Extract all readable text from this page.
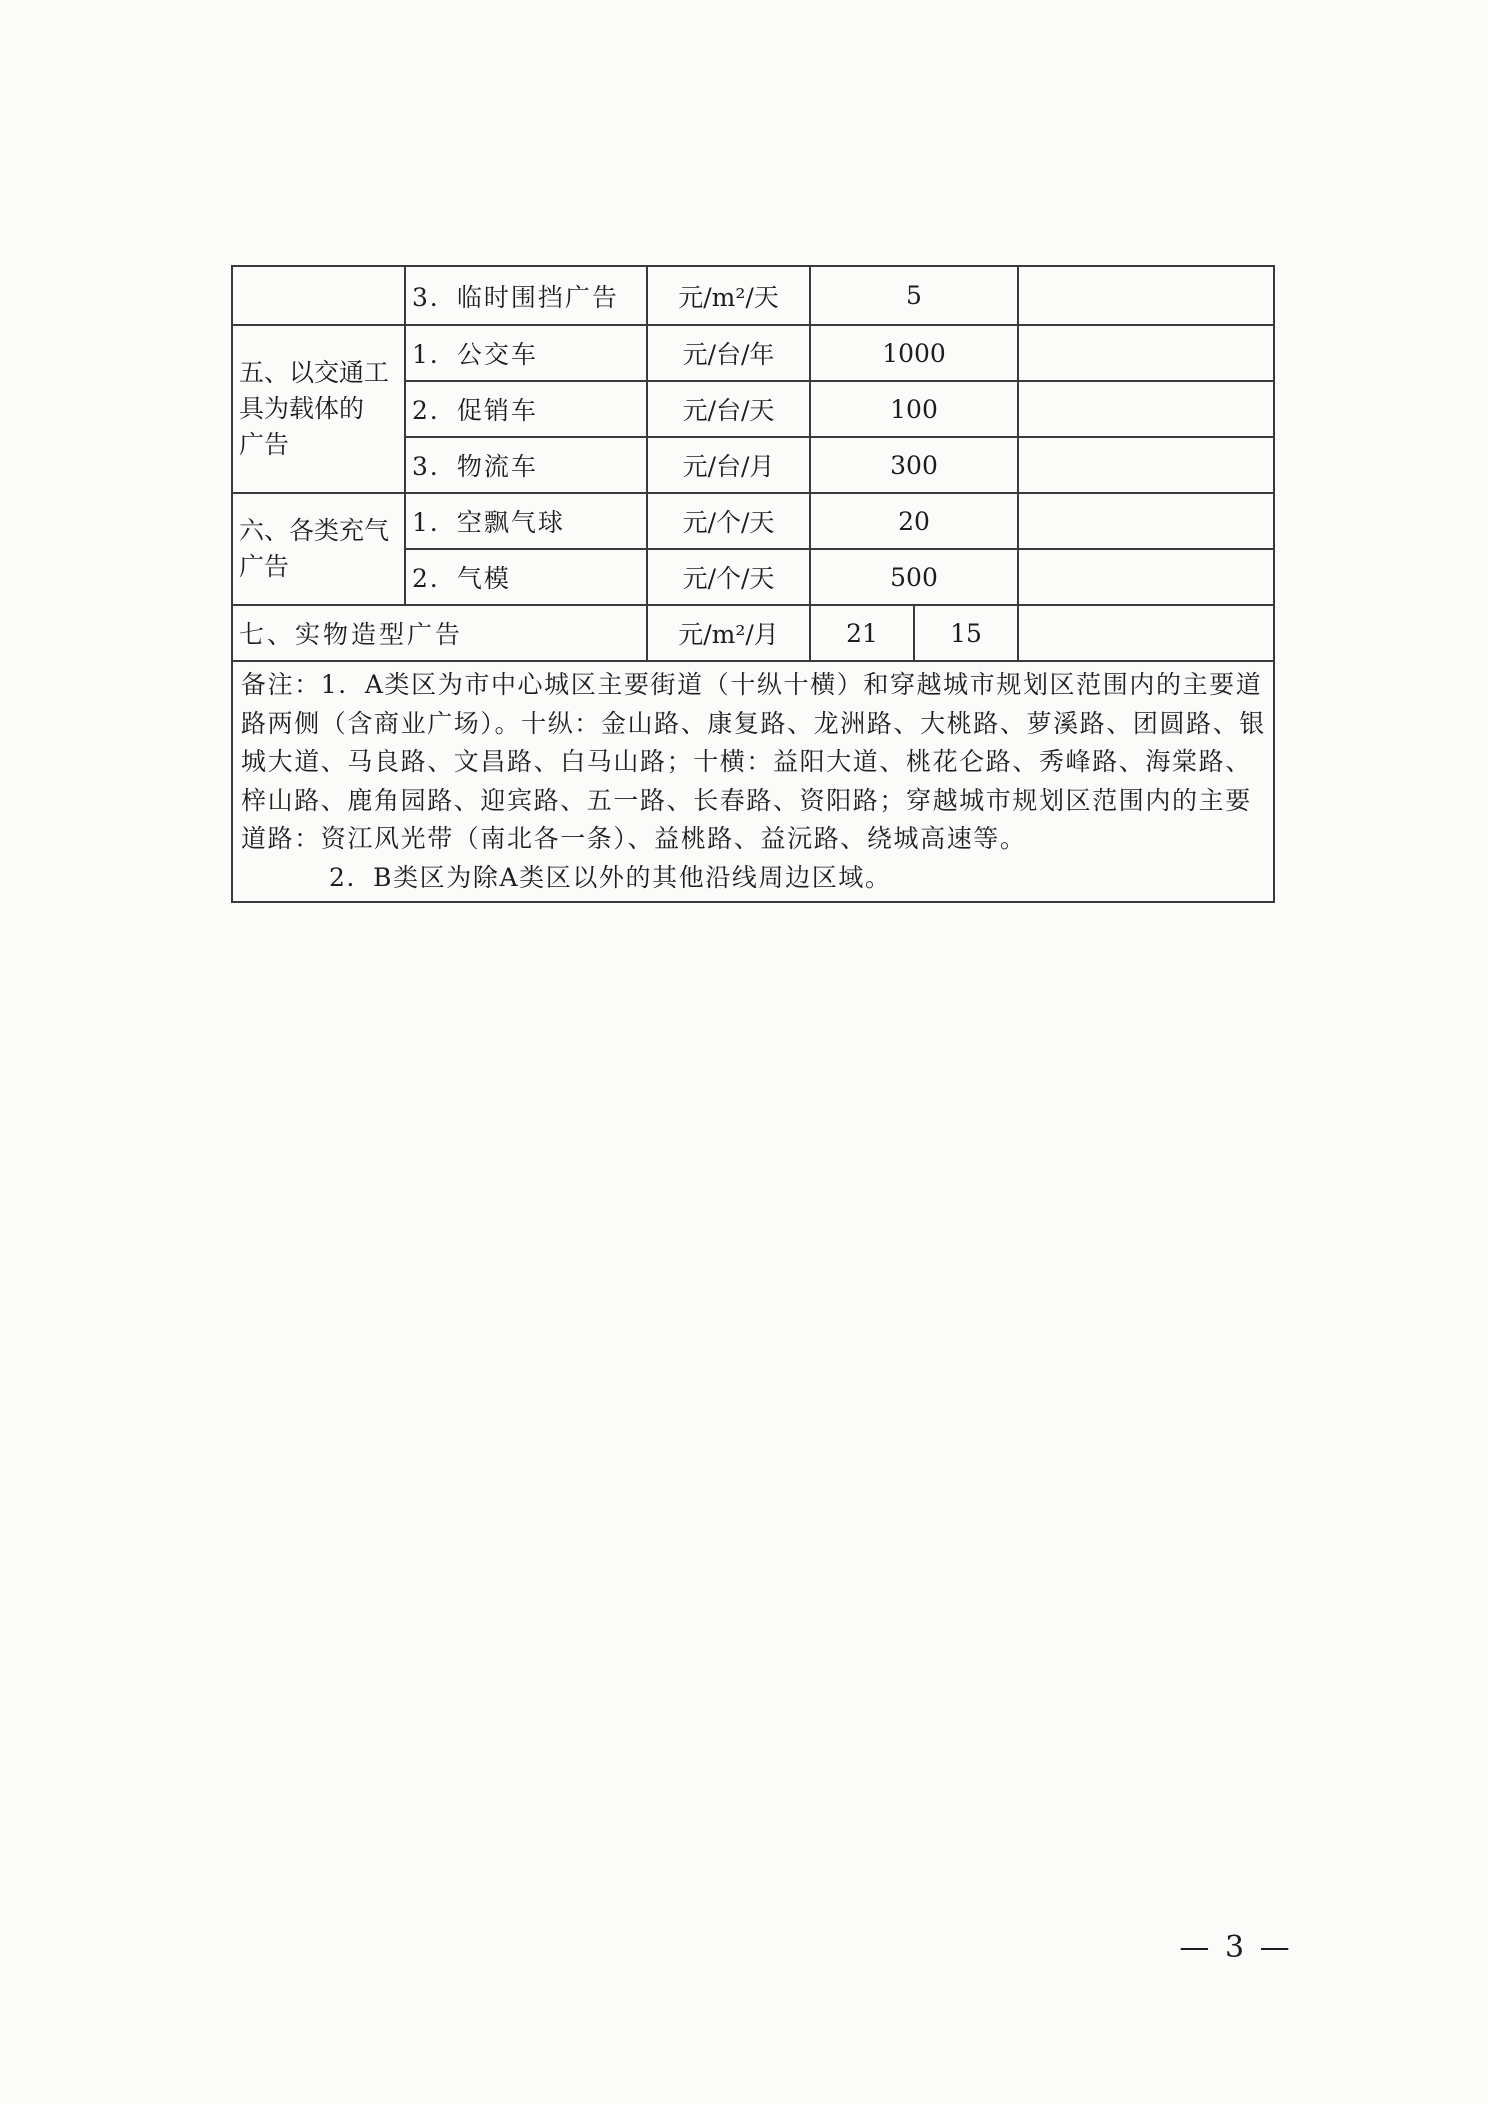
	3．临时围挡广告	元/m²/天	5		

五、以交通工
具为载体的
广告	1．公交车	元/台/年	1000		
	2．促销车	元/台/天	100		
	3．物流车	元/台/月	300		

六、各类充气
广告	1．空飘气球	元/个/天	20		
	2．气模	元/个/天	500		
七、实物造型广告		元/m²/月	21	15	

备注：1．A类区为市中心城区主要街道（十纵十横）和穿越城市规划区范围内的主要道路两侧（含商业广场）。十纵：金山路、康复路、龙洲路、大桃路、萝溪路、团圆路、银城大道、马良路、文昌路、白马山路；十横：益阳大道、桃花仑路、秀峰路、海棠路、梓山路、鹿角园路、迎宾路、五一路、长春路、资阳路；穿越城市规划区范围内的主要道路：资江风光带（南北各一条）、益桃路、益沅路、绕城高速等。

2．B类区为除A类区以外的其他沿线周边区域。					

— 3 —
